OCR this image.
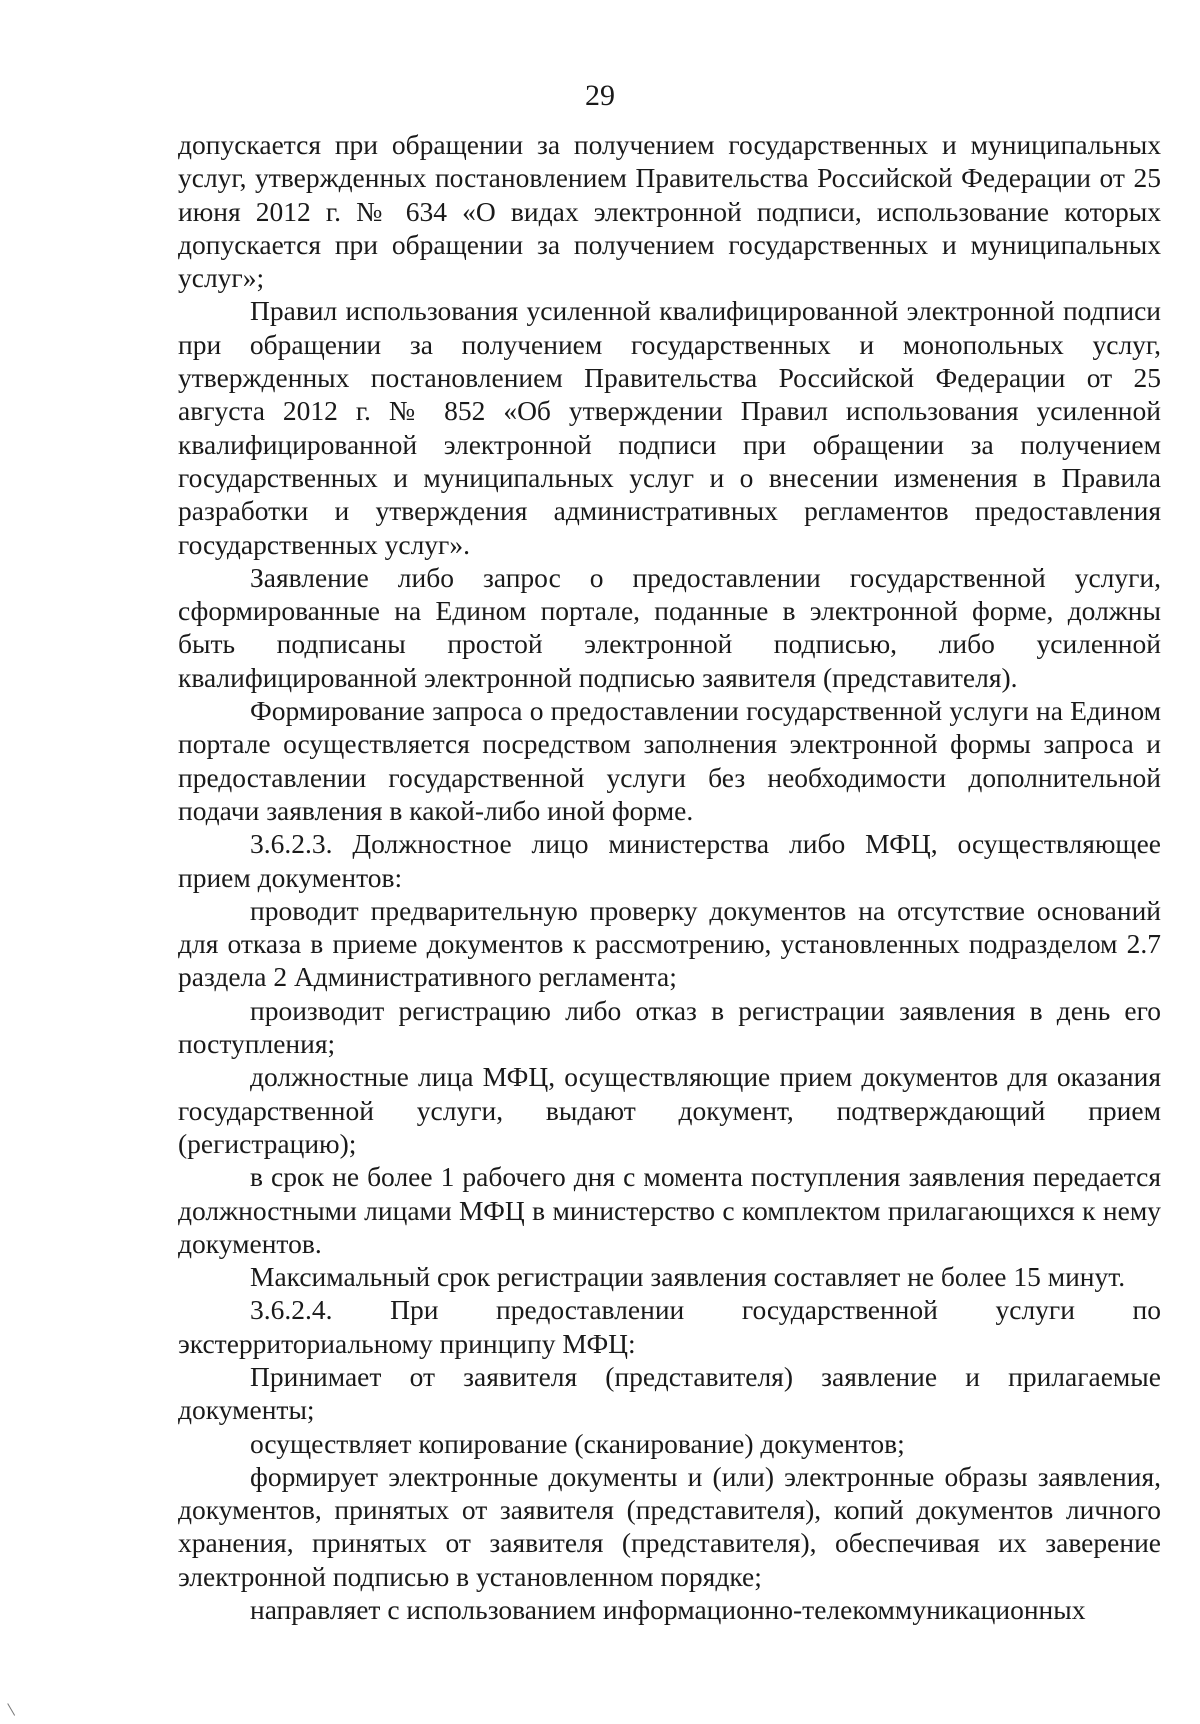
29

допускается при обращении за получением государственных и муниципальных услуг, утвержденных постановлением Правительства Российской Федерации от 25 июня 2012 г. № 634 «О видах электронной подписи, использование которых допускается при обращении за получением государственных и муниципальных услуг»;

Правил использования усиленной квалифицированной электронной подписи при обращении за получением государственных и монопольных услуг, утвержденных постановлением Правительства Российской Федерации от 25 августа 2012 г. № 852 «Об утверждении Правил использования усиленной квалифицированной электронной подписи при обращении за получением государственных и муниципальных услуг и о внесении изменения в Правила разработки и утверждения административных регламентов предоставления государственных услуг».

Заявление либо запрос о предоставлении государственной услуги, сформированные на Едином портале, поданные в электронной форме, должны быть подписаны простой электронной подписью, либо усиленной квалифицированной электронной подписью заявителя (представителя).

Формирование запроса о предоставлении государственной услуги на Едином портале осуществляется посредством заполнения электронной формы запроса и предоставлении государственной услуги без необходимости дополнительной подачи заявления в какой-либо иной форме.

3.6.2.3. Должностное лицо министерства либо МФЦ, осуществляющее прием документов:

проводит предварительную проверку документов на отсутствие оснований для отказа в приеме документов к рассмотрению, установленных подразделом 2.7 раздела 2 Административного регламента;

производит регистрацию либо отказ в регистрации заявления в день его поступления;

должностные лица МФЦ, осуществляющие прием документов для оказания государственной услуги, выдают документ, подтверждающий прием (регистрацию);

в срок не более 1 рабочего дня с момента поступления заявления передается должностными лицами МФЦ в министерство с комплектом прилагающихся к нему документов.

Максимальный срок регистрации заявления составляет не более 15 минут.

3.6.2.4. При предоставлении государственной услуги по экстерриториальному принципу МФЦ:

Принимает от заявителя (представителя) заявление и прилагаемые документы;

осуществляет копирование (сканирование) документов;

формирует электронные документы и (или) электронные образы заявления, документов, принятых от заявителя (представителя), копий документов личного хранения, принятых от заявителя (представителя), обеспечивая их заверение электронной подписью в установленном порядке;

направляет с использованием информационно-телекоммуникационных
